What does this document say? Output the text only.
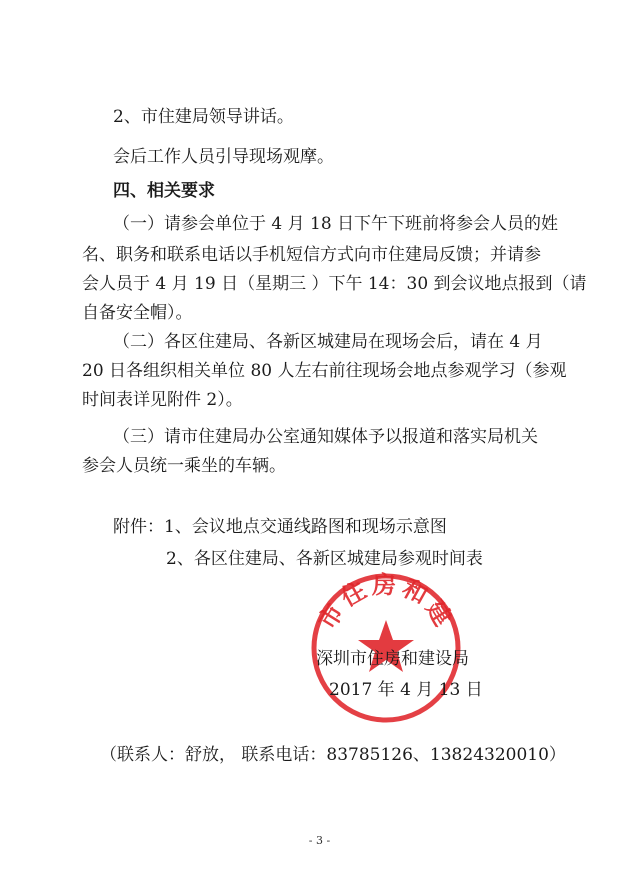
2、市住建局领导讲话。
会后工作人员引导现场观摩。
四、相关要求
（一）请参会单位于 4 月 18 日下午下班前将参会人员的姓
名、职务和联系电话以手机短信方式向市住建局反馈；并请参
会人员于 4 月 19 日（星期三 ）下午 14：30 到会议地点报到（请
自备安全帽）。
（二）各区住建局、各新区城建局在现场会后，请在 4 月
20 日各组织相关单位 80 人左右前往现场会地点参观学习（参观
时间表详见附件 2）。
（三）请市住建局办公室通知媒体予以报道和落实局机关
参会人员统一乘坐的车辆。
附件：1、会议地点交通线路图和现场示意图
2、各区住建局、各新区城建局参观时间表
市住房和建
深圳市住房和建设局
2017 年 4 月 13 日
（联系人：舒放， 联系电话：83785126、13824320010）
- 3 -
